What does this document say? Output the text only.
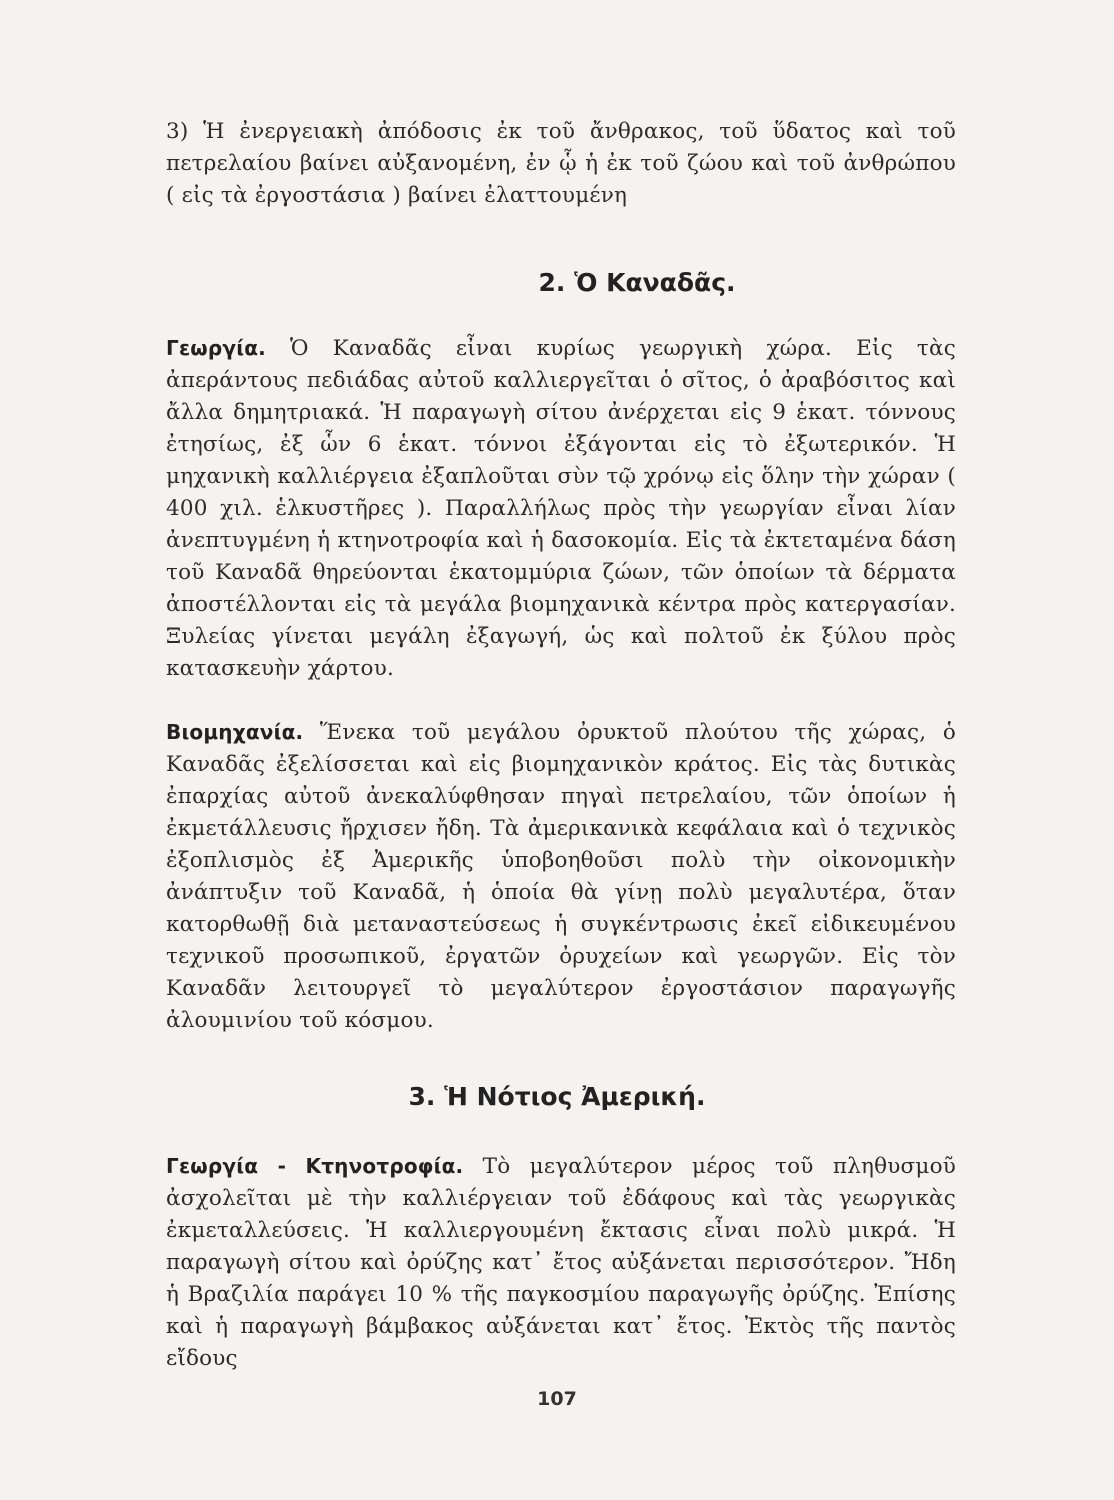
3) Ἡ ἐνεργειακὴ ἀπόδοσις ἐκ τοῦ ἄνθρακος, τοῦ ὕδατος καὶ τοῦ πετρελαίου βαίνει αὐξανομένη, ἐν ᾧ ἡ ἐκ τοῦ ζώου καὶ τοῦ ἀνθρώπου ( εἰς τὰ ἐργοστάσια ) βαίνει ἐλαττουμένη

2. Ὁ Καναδᾶς.

Γεωργία. Ὁ Καναδᾶς εἶναι κυρίως γεωργικὴ χώρα. Εἰς τὰς ἀπεράντους πεδιάδας αὐτοῦ καλλιεργεῖται ὁ σῖτος, ὁ ἀραβόσιτος καὶ ἄλλα δημητριακά. Ἡ παραγωγὴ σίτου ἀνέρχεται εἰς 9 ἑκατ. τόννους ἐτησίως, ἐξ ὧν 6 ἑκατ. τόννοι ἐξάγονται εἰς τὸ ἐξωτερικόν. Ἡ μηχανικὴ καλλιέργεια ἐξαπλοῦται σὺν τῷ χρόνῳ εἰς ὅλην τὴν χώραν ( 400 χιλ. ἑλκυστῆρες ). Παραλλήλως πρὸς τὴν γεωργίαν εἶναι λίαν ἀνεπτυγμένη ἡ κτηνοτροφία καὶ ἡ δασοκομία. Εἰς τὰ ἐκτεταμένα δάση τοῦ Καναδᾶ θηρεύονται ἑκατομμύρια ζώων, τῶν ὁποίων τὰ δέρματα ἀποστέλλονται εἰς τὰ μεγάλα βιομηχανικὰ κέντρα πρὸς κατεργασίαν. Ξυλείας γίνεται μεγάλη ἐξαγωγή, ὡς καὶ πολτοῦ ἐκ ξύλου πρὸς κατασκευὴν χάρτου.

Βιομηχανία. Ἕνεκα τοῦ μεγάλου ὀρυκτοῦ πλούτου τῆς χώρας, ὁ Καναδᾶς ἐξελίσσεται καὶ εἰς βιομηχανικὸν κράτος. Εἰς τὰς δυτικὰς ἐπαρχίας αὐτοῦ ἀνεκαλύφθησαν πηγαὶ πετρελαίου, τῶν ὁποίων ἡ ἐκμετάλλευσις ἤρχισεν ἤδη. Τὰ ἀμερικανικὰ κεφάλαια καὶ ὁ τεχνικὸς ἐξοπλισμὸς ἐξ Ἀμερικῆς ὑποβοηθοῦσι πολὺ τὴν οἰκονομικὴν ἀνάπτυξιν τοῦ Καναδᾶ, ἡ ὁποία θὰ γίνῃ πολὺ μεγαλυτέρα, ὅταν κατορθωθῇ διὰ μεταναστεύσεως ἡ συγκέντρωσις ἐκεῖ εἰδικευμένου τεχνικοῦ προσωπικοῦ, ἐργατῶν ὀρυχείων καὶ γεωργῶν. Εἰς τὸν Καναδᾶν λειτουργεῖ τὸ μεγαλύτερον ἐργοστάσιον παραγωγῆς ἀλουμινίου τοῦ κόσμου.

3. Ἡ Νότιος Ἀμερική.

Γεωργία - Κτηνοτροφία. Τὸ μεγαλύτερον μέρος τοῦ πληθυσμοῦ ἀσχολεῖται μὲ τὴν καλλιέργειαν τοῦ ἐδάφους καὶ τὰς γεωργικὰς ἐκμεταλλεύσεις. Ἡ καλλιεργουμένη ἔκτασις εἶναι πολὺ μικρά. Ἡ παραγωγὴ σίτου καὶ ὀρύζης κατ᾽ ἔτος αὐξάνεται περισσότερον. Ἤδη ἡ Βραζιλία παράγει 10 % τῆς παγκοσμίου παραγωγῆς ὀρύζης. Ἐπίσης καὶ ἡ παραγωγὴ βάμβακος αὐξάνεται κατ᾽ ἔτος. Ἐκτὸς τῆς παντὸς εἴδους

107
